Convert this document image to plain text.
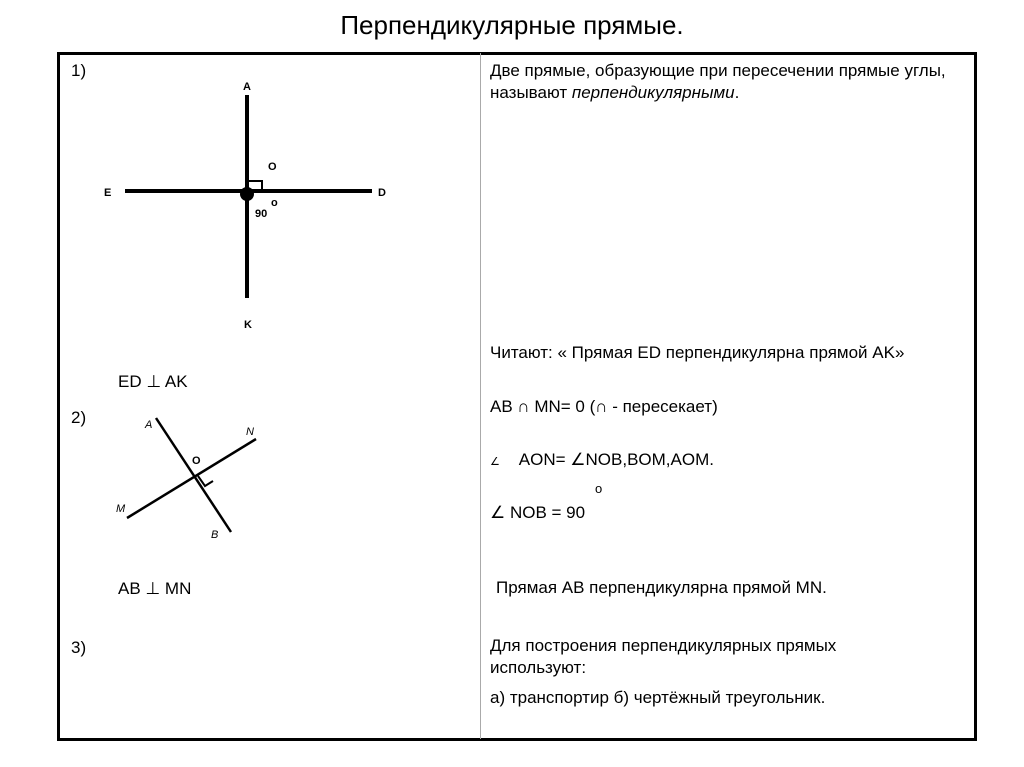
Перпендикулярные прямые.
1)
2)
3)
A
O
E	D
K
90
o
ED ⊥ AK
A
N
O
M
B
AB ⊥ MN
Две прямые, образующие при пересечении прямые углы, называют перпендикулярными.
Читают: « Прямая ED перпендикулярна прямой AK»
AB ∩ MN= 0 (∩ - пересекает)
∠ AON= ∠NOB,BOM,AOM.
o
∠ NOB = 90
Прямая AB перпендикулярна прямой MN.
Для построения перпендикулярных прямых используют:
а) транспортир б) чертёжный треугольник.
